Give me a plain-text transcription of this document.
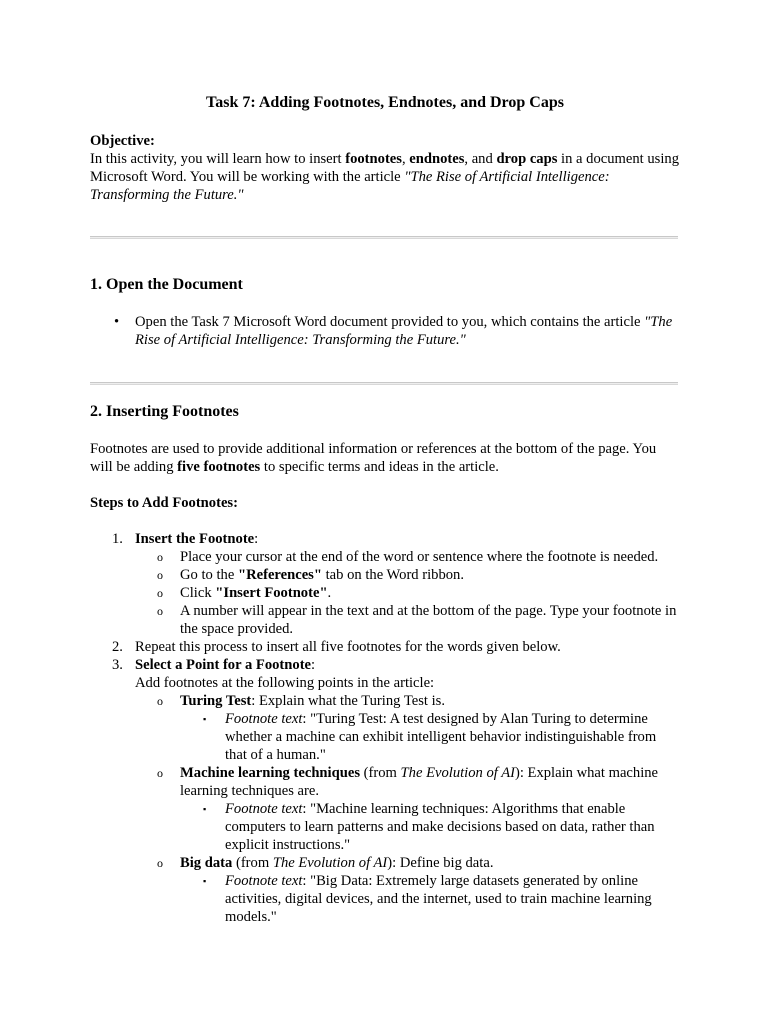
Task 7: Adding Footnotes, Endnotes, and Drop Caps
Objective:

In this activity, you will learn how to insert footnotes, endnotes, and drop caps in a document using Microsoft Word. You will be working with the article "The Rise of Artificial Intelligence: Transforming the Future."

1. Open the Document
• Open the Task 7 Microsoft Word document provided to you, which contains the article "The Rise of Artificial Intelligence: Transforming the Future."
2. Inserting Footnotes

Footnotes are used to provide additional information or references at the bottom of the page. You will be adding five footnotes to specific terms and ideas in the article.

Steps to Add Footnotes:
1. Insert the Footnote:
o Place your cursor at the end of the word or sentence where the footnote is needed.
o Go to the "References" tab on the Word ribbon.
o Click "Insert Footnote".
o A number will appear in the text and at the bottom of the page. Type your footnote in the space provided.
2. Repeat this process to insert all five footnotes for the words given below.
3. Select a Point for a Footnote:
Add footnotes at the following points in the article:
o Turing Test: Explain what the Turing Test is.
▪ Footnote text: "Turing Test: A test designed by Alan Turing to determine whether a machine can exhibit intelligent behavior indistinguishable from that of a human."
o Machine learning techniques (from The Evolution of AI): Explain what machine learning techniques are.
▪ Footnote text: "Machine learning techniques: Algorithms that enable computers to learn patterns and make decisions based on data, rather than explicit instructions."
o Big data (from The Evolution of AI): Define big data.
▪ Footnote text: "Big Data: Extremely large datasets generated by online activities, digital devices, and the internet, used to train machine learning models."
